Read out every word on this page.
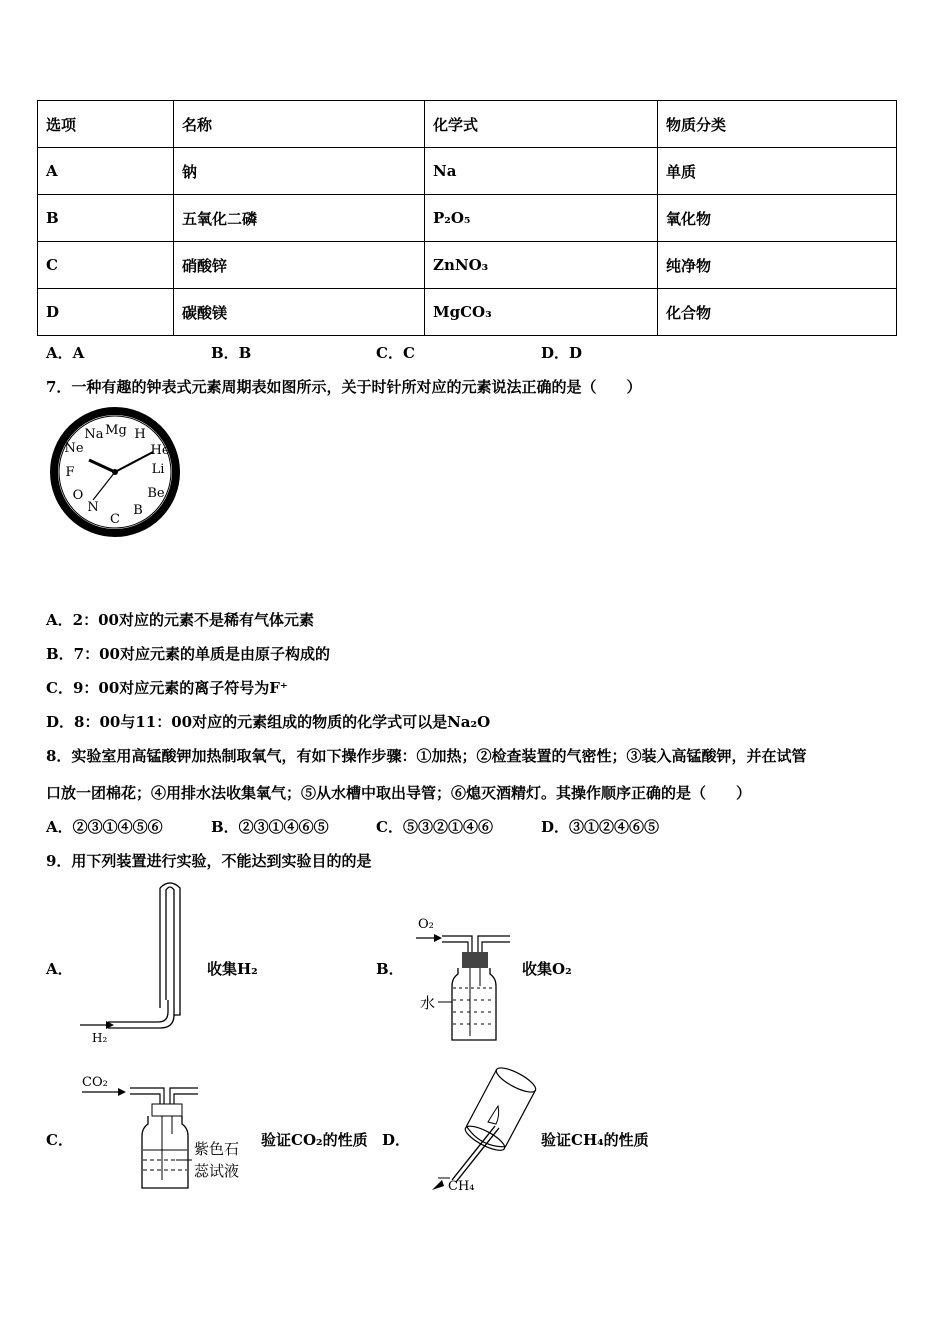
选项	名称	化学式	物质分类
A	钠	Na	单质
B	五氧化二磷	P₂O₅	氧化物
C	硝酸锌	ZnNO₃	纯净物
D	碳酸镁	MgCO₃	化合物
A．A	B．B	C．C	D．D
7．一种有趣的钟表式元素周期表如图所示，关于时针所对应的元素说法正确的是（　　）
H
He
Li
Be
B
C
N
O
F
Ne
Na Mg
A．2：00对应的元素不是稀有气体元素
B．7：00对应元素的单质是由原子构成的
C．9：00对应元素的离子符号为F⁺
D．8：00与11：00对应的元素组成的物质的化学式可以是Na₂O
8．实验室用高锰酸钾加热制取氧气，有如下操作步骤：①加热；②检查装置的气密性；③装入高锰酸钾，并在试管
口放一团棉花；④用排水法收集氧气；⑤从水槽中取出导管；⑥熄灭酒精灯。其操作顺序正确的是（　　）
A．②③①④⑤⑥	B．②③①④⑥⑤	C．⑤③②①④⑥	D．③①②④⑥⑤
9．用下列装置进行实验，不能达到实验目的的是
A．
H₂
收集H₂	B．
O₂
水
收集O₂
C．
CO₂
紫色石
蕊试液
验证CO₂的性质 D．
CH₄
验证CH₄的性质
